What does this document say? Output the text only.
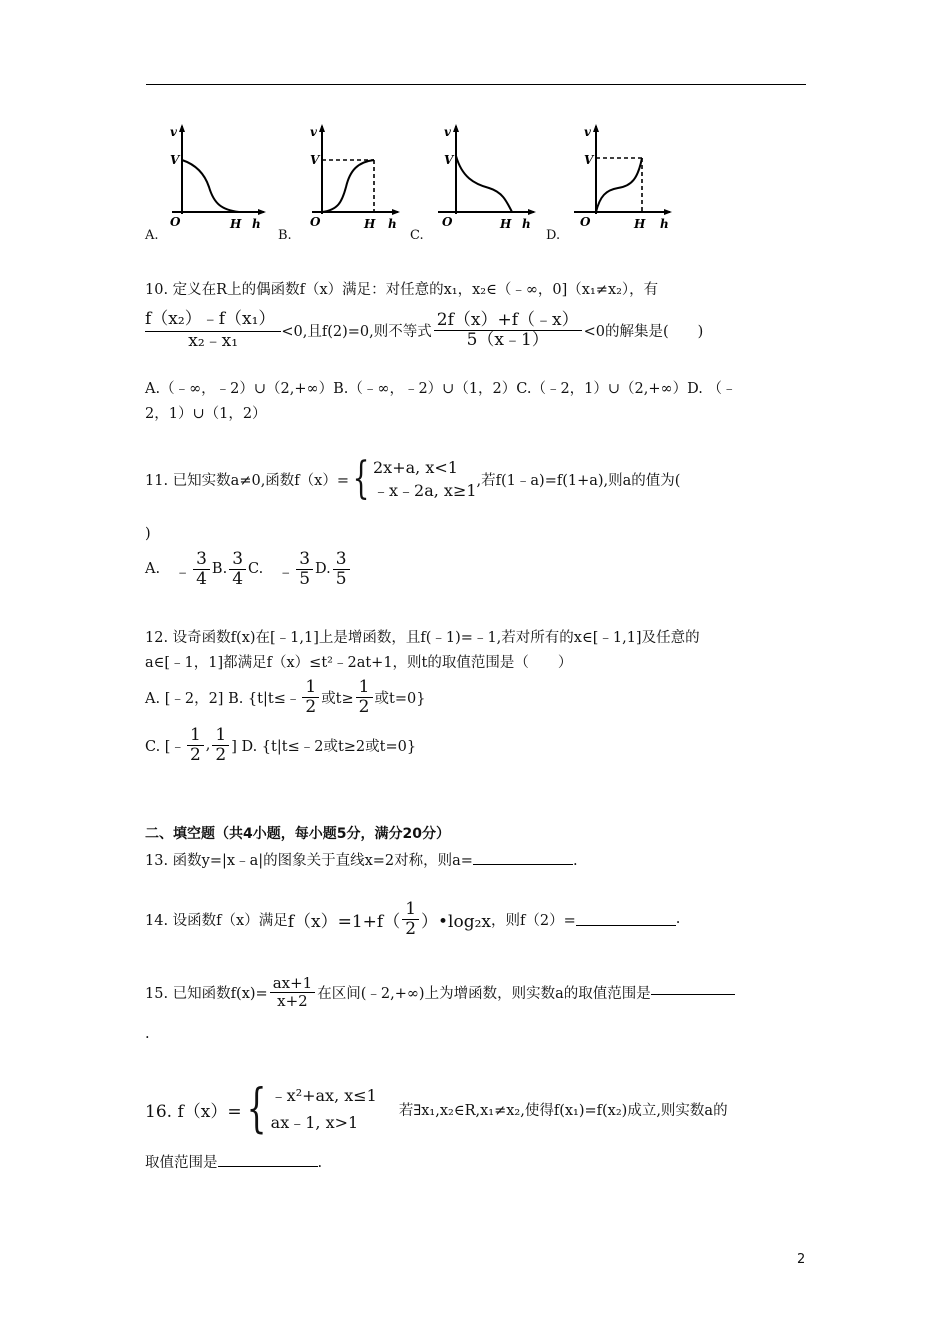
v
V
O	H h
A.
v
V
O	H h
B.
v
V
O	H h
C.
v
V
O	H h
D.
10. 定义在R上的偶函数f（x）满足：对任意的x₁，x₂∈（﹣∞，0]（x₁≠x₂），有
$\frac{\text{f（x₂）﹣f（x₁）}}{\text{x₂﹣x₁}} <0$,且f(2)=0,则不等式 $\frac{2f(x)+f(﹣x)}{5(x﹣1)} <0$的解集是(　　)
A.（﹣∞，﹣2）∪（2,+∞）B.（﹣∞，﹣2）∪（1，2）C.（﹣2，1）∪（2,+∞）D. （﹣
2，1）∪（1，2）
11. 已知实数a≠0,函数f（x）= { 2x+a, x<1
﹣x﹣2a, x≥1
,若f(1﹣a)=f(1+a),则a的值为(
)
A. ﹣ $\frac{3}{4} B$. $\frac{3}{4} C$. ﹣ $\frac{3}{5} D$. $\frac{3}{5}$
12. 设奇函数f(x)在[﹣1,1]上是增函数，且f(﹣1)=﹣1,若对所有的x∈[﹣1,1]及任意的
a∈[﹣1，1]都满足f（x）≤t²﹣2at+1，则t的取值范围是（　　）
A. [﹣2，2] B. {t|t≤﹣ $\frac{1}{2}$ 或$t\ge \frac{1}{2}$ 或t=0}
C. [﹣ $\frac{1}{2}$ , $\frac{1}{2}$ ] D. {t|t≤﹣2或t≥2或t=0}
二、填空题（共4小题，每小题5分，满分20分）
13. 函数y=|x﹣a|的图象关于直线x=2对称，则a=	.
14. 设函数f（x）满足 $f(x)=1+f( \frac{1}{2}$ ）•log₂x ，则f（2）=	.
15. 已知函数$f(x)= \frac{ax+1}{x+2}$ 在区间(﹣2,+∞)上为增函数，则实数a的取值范围是
.
16. f（x）= { ﹣x²+ax, x≤1
ax﹣1, x>1
若∃x₁,x₂∈R,x₁≠x₂,使得f(x₁)=f(x₂)成立,则实数a的
取值范围是	.
2
